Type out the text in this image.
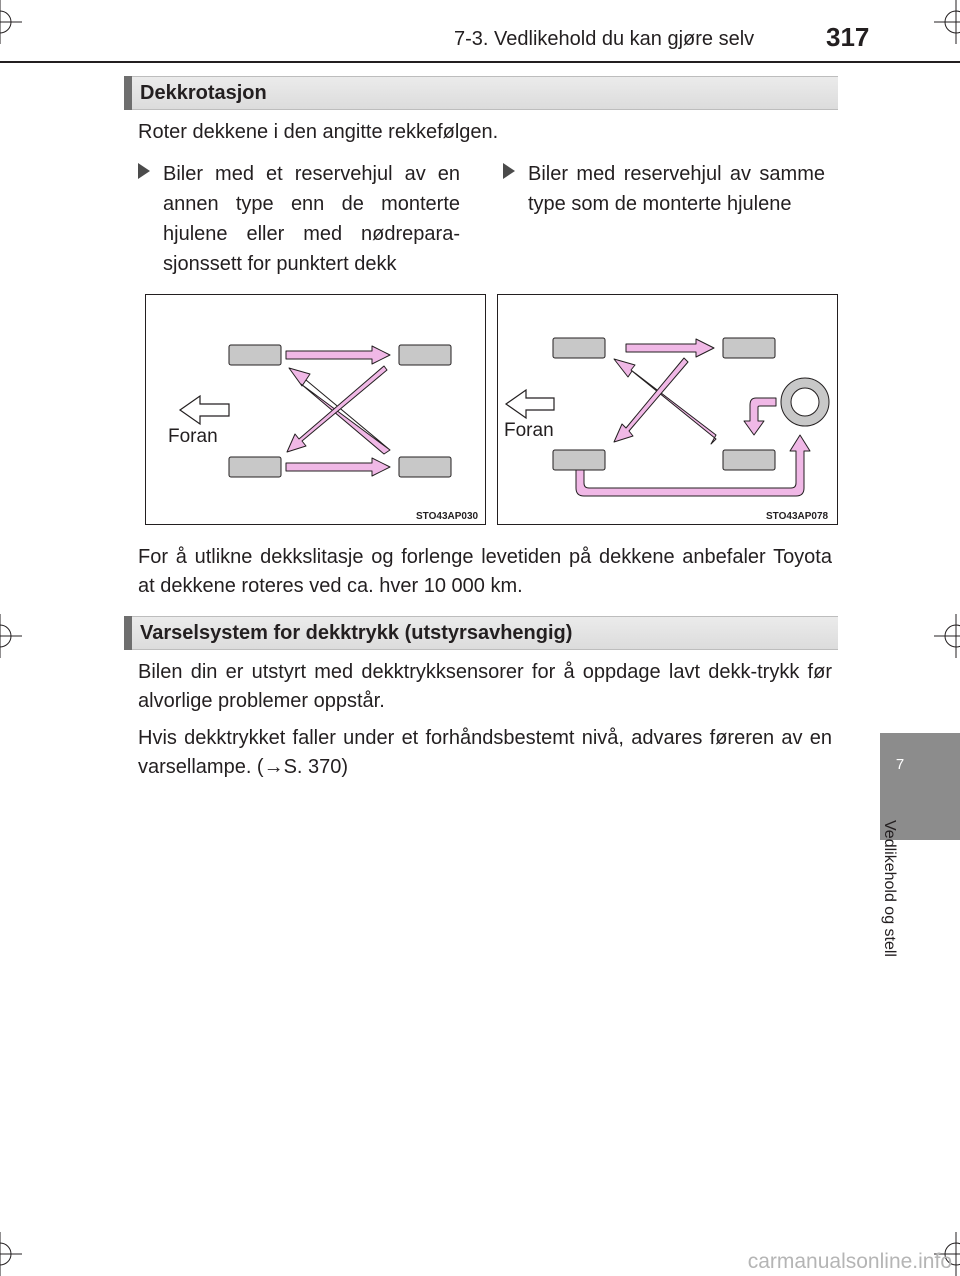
7-3. Vedlikehold du kan gjøre selv	317
7
Vedlikehold og stell
Dekkrotasjon
Roter dekkene i den angitte rekkefølgen.
Biler med et reservehjul av en annen type enn de monterte hjulene eller med nødrepara-sjonssett for punktert dekk
Biler med reservehjul av samme type som de monterte hjulene
Foran
STO43AP030
Foran
STO43AP078
For å utlikne dekkslitasje og forlenge levetiden på dekkene anbefaler Toyota at dekkene roteres ved ca. hver 10 000 km.
Varselsystem for dekktrykk (utstyrsavhengig)
Bilen din er utstyrt med dekktrykksensorer for å oppdage lavt dekk-trykk før alvorlige problemer oppstår.
Hvis dekktrykket faller under et forhåndsbestemt nivå, advares føreren av en varsellampe. (→S. 370)
carmanualsonline.info
